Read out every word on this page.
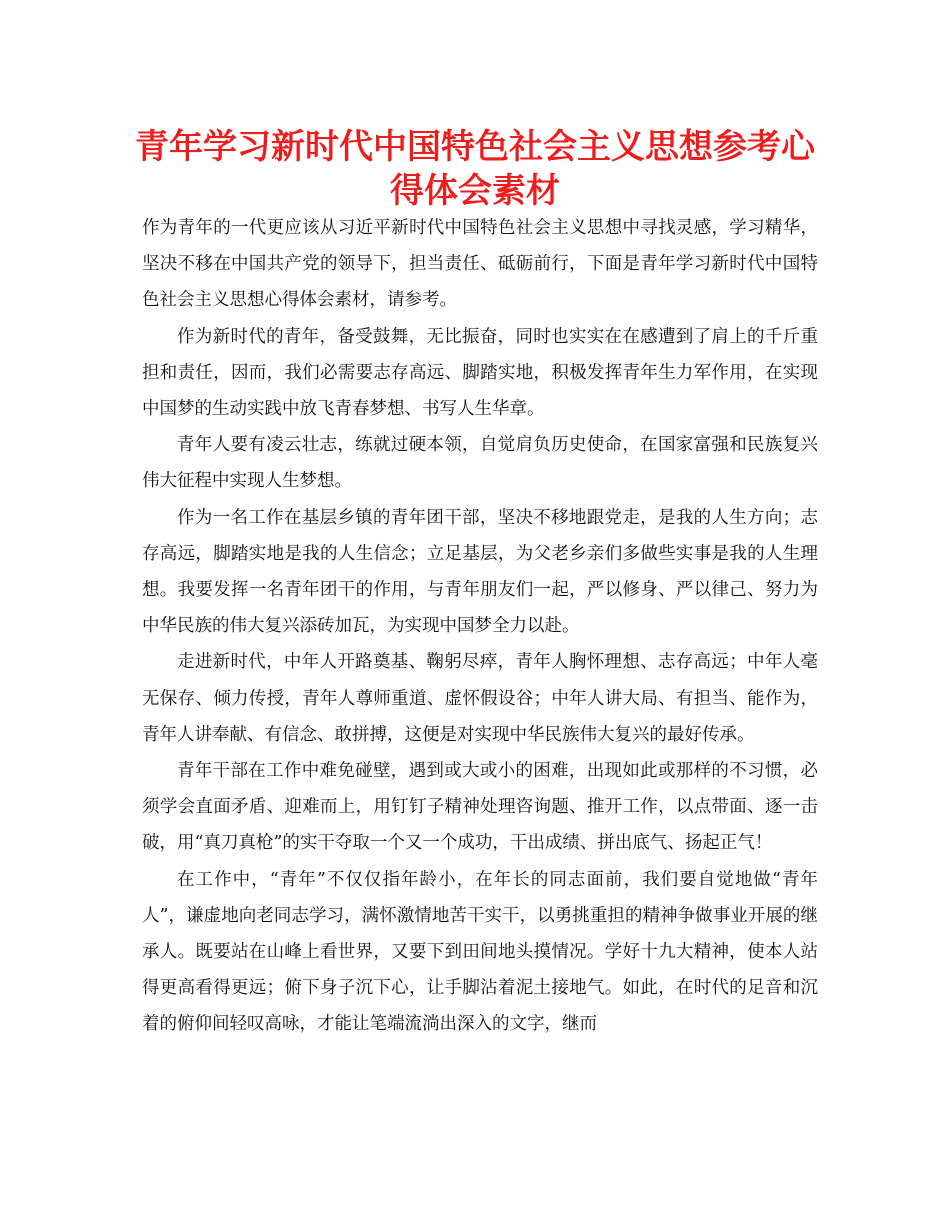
青年学习新时代中国特色社会主义思想参考心得体会素材

作为青年的一代更应该从习近平新时代中国特色社会主义思想中寻找灵感，学习精华，坚决不移在中国共产党的领导下，担当责任、砥砺前行，下面是青年学习新时代中国特色社会主义思想心得体会素材，请参考。

作为新时代的青年，备受鼓舞，无比振奋，同时也实实在在感遭到了肩上的千斤重担和责任，因而，我们必需要志存高远、脚踏实地，积极发挥青年生力军作用，在实现中国梦的生动实践中放飞青春梦想、书写人生华章。

青年人要有凌云壮志，练就过硬本领，自觉肩负历史使命，在国家富强和民族复兴伟大征程中实现人生梦想。

作为一名工作在基层乡镇的青年团干部，坚决不移地跟党走，是我的人生方向；志存高远，脚踏实地是我的人生信念；立足基层，为父老乡亲们多做些实事是我的人生理想。我要发挥一名青年团干的作用，与青年朋友们一起，严以修身、严以律己、努力为中华民族的伟大复兴添砖加瓦，为实现中国梦全力以赴。

走进新时代，中年人开路奠基、鞠躬尽瘁，青年人胸怀理想、志存高远；中年人毫无保存、倾力传授，青年人尊师重道、虚怀假设谷；中年人讲大局、有担当、能作为，青年人讲奉献、有信念、敢拼搏，这便是对实现中华民族伟大复兴的最好传承。

青年干部在工作中难免碰壁，遇到或大或小的困难，出现如此或那样的不习惯，必须学会直面矛盾、迎难而上，用钉钉子精神处理咨询题、推开工作，以点带面、逐一击破，用“真刀真枪”的实干夺取一个又一个成功，干出成绩、拼出底气、扬起正气！

在工作中，“青年”不仅仅指年龄小，在年长的同志面前，我们要自觉地做“青年人”，谦虚地向老同志学习，满怀激情地苦干实干，以勇挑重担的精神争做事业开展的继承人。既要站在山峰上看世界，又要下到田间地头摸情况。学好十九大精神，使本人站得更高看得更远；俯下身子沉下心，让手脚沾着泥土接地气。如此，在时代的足音和沉着的俯仰间轻叹高咏，才能让笔端流淌出深入的文字，继而
